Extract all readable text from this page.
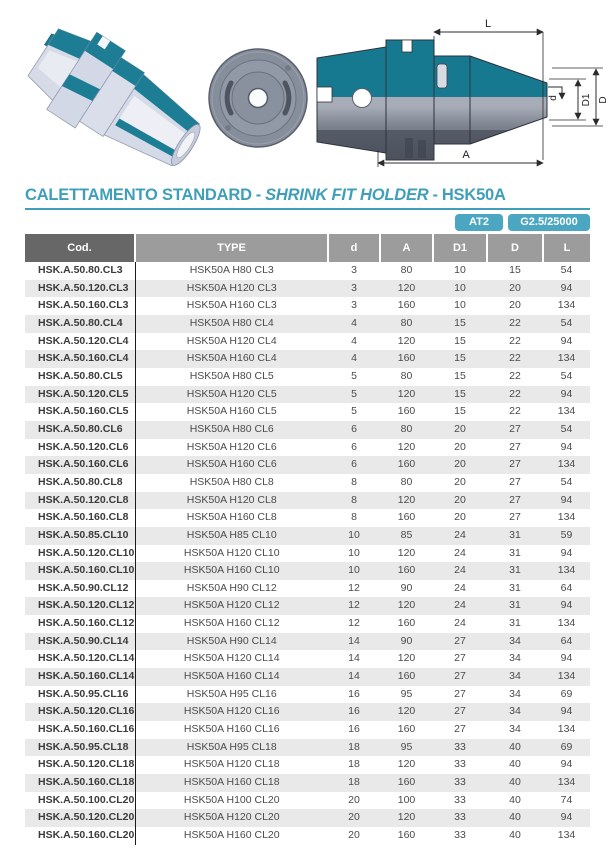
L
A
d D1 D
CALETTAMENTO STANDARD - SHRINK FIT HOLDER - HSK50A
AT2	G2.5/25000
Cod.	TYPE	d	A	D1	D	L
HSK.A.50.80.CL3	HSK50A H80 CL3	3	80	10	15	54
HSK.A.50.120.CL3	HSK50A H120 CL3	3	120	10	20	94
HSK.A.50.160.CL3	HSK50A H160 CL3	3	160	10	20	134
HSK.A.50.80.CL4	HSK50A H80 CL4	4	80	15	22	54
HSK.A.50.120.CL4	HSK50A H120 CL4	4	120	15	22	94
HSK.A.50.160.CL4	HSK50A H160 CL4	4	160	15	22	134
HSK.A.50.80.CL5	HSK50A H80 CL5	5	80	15	22	54
HSK.A.50.120.CL5	HSK50A H120 CL5	5	120	15	22	94
HSK.A.50.160.CL5	HSK50A H160 CL5	5	160	15	22	134
HSK.A.50.80.CL6	HSK50A H80 CL6	6	80	20	27	54
HSK.A.50.120.CL6	HSK50A H120 CL6	6	120	20	27	94
HSK.A.50.160.CL6	HSK50A H160 CL6	6	160	20	27	134
HSK.A.50.80.CL8	HSK50A H80 CL8	8	80	20	27	54
HSK.A.50.120.CL8	HSK50A H120 CL8	8	120	20	27	94
HSK.A.50.160.CL8	HSK50A H160 CL8	8	160	20	27	134
HSK.A.50.85.CL10	HSK50A H85 CL10	10	85	24	31	59
HSK.A.50.120.CL10	HSK50A H120 CL10	10	120	24	31	94
HSK.A.50.160.CL10	HSK50A H160 CL10	10	160	24	31	134
HSK.A.50.90.CL12	HSK50A H90 CL12	12	90	24	31	64
HSK.A.50.120.CL12	HSK50A H120 CL12	12	120	24	31	94
HSK.A.50.160.CL12	HSK50A H160 CL12	12	160	24	31	134
HSK.A.50.90.CL14	HSK50A H90 CL14	14	90	27	34	64
HSK.A.50.120.CL14	HSK50A H120 CL14	14	120	27	34	94
HSK.A.50.160.CL14	HSK50A H160 CL14	14	160	27	34	134
HSK.A.50.95.CL16	HSK50A H95 CL16	16	95	27	34	69
HSK.A.50.120.CL16	HSK50A H120 CL16	16	120	27	34	94
HSK.A.50.160.CL16	HSK50A H160 CL16	16	160	27	34	134
HSK.A.50.95.CL18	HSK50A H95 CL18	18	95	33	40	69
HSK.A.50.120.CL18	HSK50A H120 CL18	18	120	33	40	94
HSK.A.50.160.CL18	HSK50A H160 CL18	18	160	33	40	134
HSK.A.50.100.CL20	HSK50A H100 CL20	20	100	33	40	74
HSK.A.50.120.CL20	HSK50A H120 CL20	20	120	33	40	94
HSK.A.50.160.CL20	HSK50A H160 CL20	20	160	33	40	134
